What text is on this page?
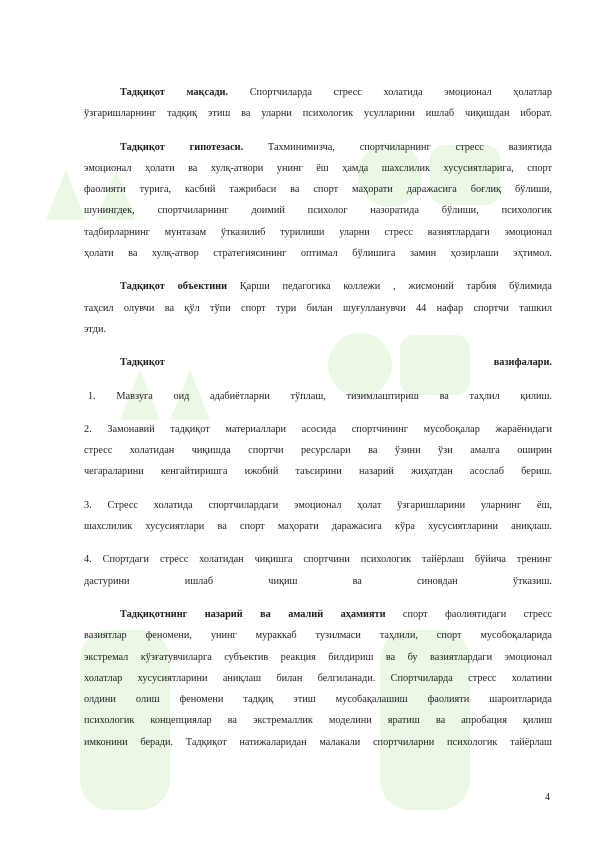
Тадқиқот мақсади. Спортчиларда стресс холатида эмоционал ҳолатлар
ўзгаришларнинг тадқиқ этиш ва уларни психологик усулларини ишлаб чиқишдан иборат.
Тадқиқот гипотезаси. Тахминимизча, спортчиларнинг стресс вазиятида
эмоционал ҳолати ва хулқ-атвори унинг ёш ҳамда шахслилик хусусиятларига, спорт
фаолияти турига, касбий тажрибаси ва спорт маҳорати даражасига боғлиқ бўлиши,
шунингдек, спортчиларнинг доимий психолог назоратида бўлиши, психологик
тадбирларнинг мунтазам ўтказилиб турилиши уларни стресс вазиятлардаги эмоционал
ҳолати ва хулқ-атвор стратегиясининг оптимал бўлишига замин ҳозирлаши эҳтимол.
Тадқиқот объектини Қарши педагогика коллежи , жисмоний тарбия бўлимида
таҳсил олувчи ва қўл тўпи спорт тури билан шуғулланувчи 44 нафар спортчи ташкил
этди.
Тадқиқот вазифалари.
1. Мавзуга оид адабиётларни тўплаш, тизимлаштириш ва таҳлил қилиш.
2. Замонавий тадқиқот материаллари асосида спортчининг мусобоқалар жараёнидаги
стресс холатидан чиқишда спортчи ресурслари ва ўзини ўзи амалга оширин
чегараларини кенгайтиришга ижобий таъсирини назарий жиҳатдан асослаб бериш.
3. Стресс холатида спортчилардаги эмоционал ҳолат ўзгаришларини уларнинг ёш,
шахслилик хусусиятлари ва спорт маҳорати даражасига кўра хусусиятларини аниқлаш.
4. Спортдаги стресс холатидан чиқишга спортчини психологик тайёрлаш бўйича тренинг
дастурини ишлаб чиқиш ва синовдан ўтказиш.
Тадқиқотнинг назарий ва амалий аҳамияти спорт фаолиятидаги стресс
вазиятлар феномени, унинг мураккаб тузилмаси таҳлили, спорт мусобоқаларида
экстремал кўзғатувчиларга субъектив реакция билдириш ва бу вазиятлардаги эмоционал
холатлар хусусиятларини аниқлаш билан белгиланади. Спортчиларда стресс холатини
олдини олиш феномени тадқиқ этиш мусобақалашиш фаолияти шароитларида
психологик концепциялар ва экстремаллик моделини яратиш ва апробация қилиш
имконини беради. Тадқиқот натижаларидан малакали спортчиларни психологик тайёрлаш
4
